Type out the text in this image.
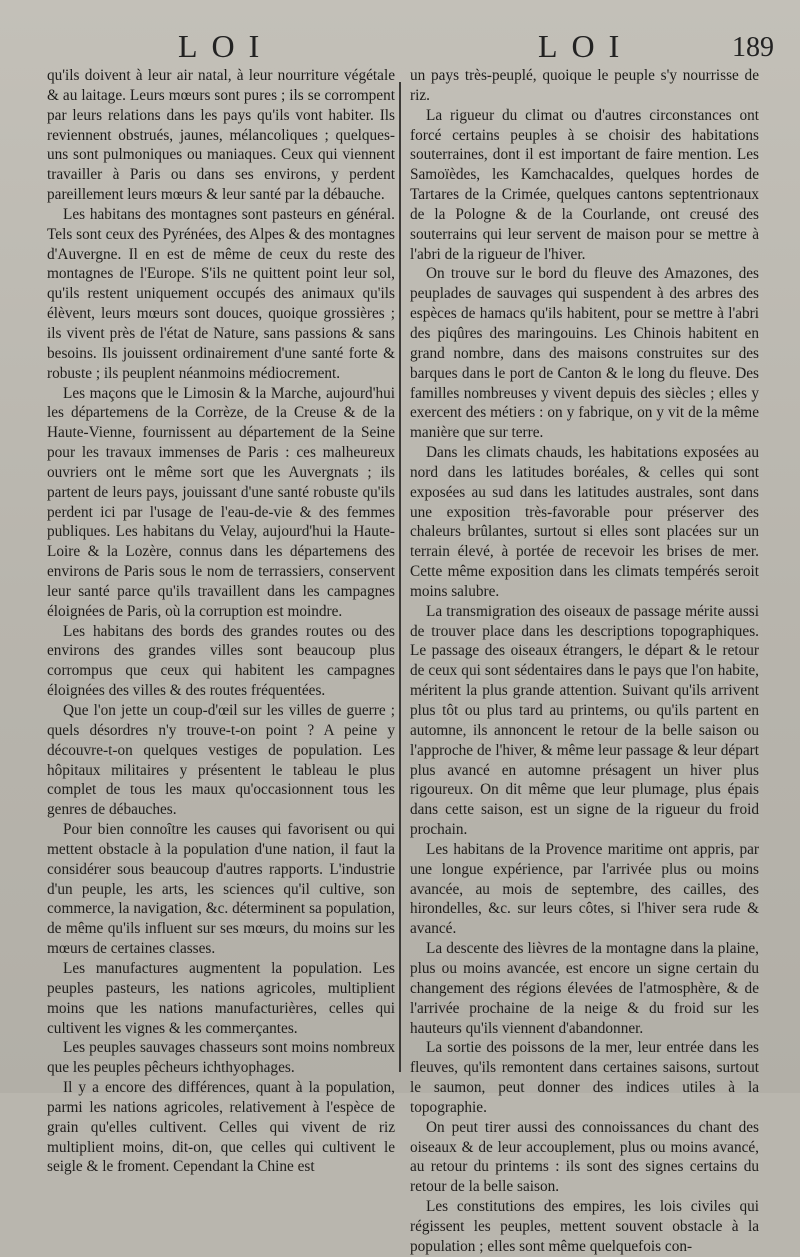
LOI	LOI	189

qu'ils doivent à leur air natal, à leur nourriture végétale & au laitage. Leurs mœurs sont pures ; ils se corrompent par leurs relations dans les pays qu'ils vont habiter. Ils reviennent obstrués, jaunes, mélancoliques ; quelques-uns sont pulmoniques ou maniaques. Ceux qui viennent travailler à Paris ou dans ses environs, y perdent pareillement leurs mœurs & leur santé par la débauche.

Les habitans des montagnes sont pasteurs en général. Tels sont ceux des Pyrénées, des Alpes & des montagnes d'Auvergne. Il en est de même de ceux du reste des montagnes de l'Europe. S'ils ne quittent point leur sol, qu'ils restent uniquement occupés des animaux qu'ils élèvent, leurs mœurs sont douces, quoique grossières ; ils vivent près de l'état de Nature, sans passions & sans besoins. Ils jouissent ordinairement d'une santé forte & robuste ; ils peuplent néanmoins médiocrement.

Les maçons que le Limosin & la Marche, aujourd'hui les départemens de la Corrèze, de la Creuse & de la Haute-Vienne, fournissent au département de la Seine pour les travaux immenses de Paris : ces malheureux ouvriers ont le même sort que les Auvergnats ; ils partent de leurs pays, jouissant d'une santé robuste qu'ils perdent ici par l'usage de l'eau-de-vie & des femmes publiques. Les habitans du Velay, aujourd'hui la Haute-Loire & la Lozère, connus dans les départemens des environs de Paris sous le nom de terrassiers, conservent leur santé parce qu'ils travaillent dans les campagnes éloignées de Paris, où la corruption est moindre.

Les habitans des bords des grandes routes ou des environs des grandes villes sont beaucoup plus corrompus que ceux qui habitent les campagnes éloignées des villes & des routes fréquentées.

Que l'on jette un coup-d'œil sur les villes de guerre ; quels désordres n'y trouve-t-on point ? A peine y découvre-t-on quelques vestiges de population. Les hôpitaux militaires y présentent le tableau le plus complet de tous les maux qu'occasionnent tous les genres de débauches.

Pour bien connoître les causes qui favorisent ou qui mettent obstacle à la population d'une nation, il faut la considérer sous beaucoup d'autres rapports. L'industrie d'un peuple, les arts, les sciences qu'il cultive, son commerce, la navigation, &c. déterminent sa population, de même qu'ils influent sur ses mœurs, du moins sur les mœurs de certaines classes.

Les manufactures augmentent la population. Les peuples pasteurs, les nations agricoles, multiplient moins que les nations manufacturières, celles qui cultivent les vignes & les commerçantes.

Les peuples sauvages chasseurs sont moins nombreux que les peuples pêcheurs ichthyophages.

Il y a encore des différences, quant à la population, parmi les nations agricoles, relativement à l'espèce de grain qu'elles cultivent. Celles qui vivent de riz multiplient moins, dit-on, que celles qui cultivent le seigle & le froment. Cependant la Chine est

un pays très-peuplé, quoique le peuple s'y nourrisse de riz.

La rigueur du climat ou d'autres circonstances ont forcé certains peuples à se choisir des habitations souterraines, dont il est important de faire mention. Les Samoïèdes, les Kamchacaldes, quelques hordes de Tartares de la Crimée, quelques cantons septentrionaux de la Pologne & de la Courlande, ont creusé des souterrains qui leur servent de maison pour se mettre à l'abri de la rigueur de l'hiver.

On trouve sur le bord du fleuve des Amazones, des peuplades de sauvages qui suspendent à des arbres des espèces de hamacs qu'ils habitent, pour se mettre à l'abri des piqûres des maringouins. Les Chinois habitent en grand nombre, dans des maisons construites sur des barques dans le port de Canton & le long du fleuve. Des familles nombreuses y vivent depuis des siècles ; elles y exercent des métiers : on y fabrique, on y vit de la même manière que sur terre.

Dans les climats chauds, les habitations exposées au nord dans les latitudes boréales, & celles qui sont exposées au sud dans les latitudes australes, sont dans une exposition très-favorable pour préserver des chaleurs brûlantes, surtout si elles sont placées sur un terrain élevé, à portée de recevoir les brises de mer. Cette même exposition dans les climats tempérés seroit moins salubre.

La transmigration des oiseaux de passage mérite aussi de trouver place dans les descriptions topographiques. Le passage des oiseaux étrangers, le départ & le retour de ceux qui sont sédentaires dans le pays que l'on habite, méritent la plus grande attention. Suivant qu'ils arrivent plus tôt ou plus tard au printems, ou qu'ils partent en automne, ils annoncent le retour de la belle saison ou l'approche de l'hiver, & même leur passage & leur départ plus avancé en automne présagent un hiver plus rigoureux. On dit même que leur plumage, plus épais dans cette saison, est un signe de la rigueur du froid prochain.

Les habitans de la Provence maritime ont appris, par une longue expérience, par l'arrivée plus ou moins avancée, au mois de septembre, des cailles, des hirondelles, &c. sur leurs côtes, si l'hiver sera rude & avancé.

La descente des lièvres de la montagne dans la plaine, plus ou moins avancée, est encore un signe certain du changement des régions élevées de l'atmosphère, & de l'arrivée prochaine de la neige & du froid sur les hauteurs qu'ils viennent d'abandonner.

La sortie des poissons de la mer, leur entrée dans les fleuves, qu'ils remontent dans certaines saisons, surtout le saumon, peut donner des indices utiles à la topographie.

On peut tirer aussi des connoissances du chant des oiseaux & de leur accouplement, plus ou moins avancé, au retour du printems : ils sont des signes certains du retour de la belle saison.

Les constitutions des empires, les lois civiles qui régissent les peuples, mettent souvent obstacle à la population ; elles sont même quelquefois con-
